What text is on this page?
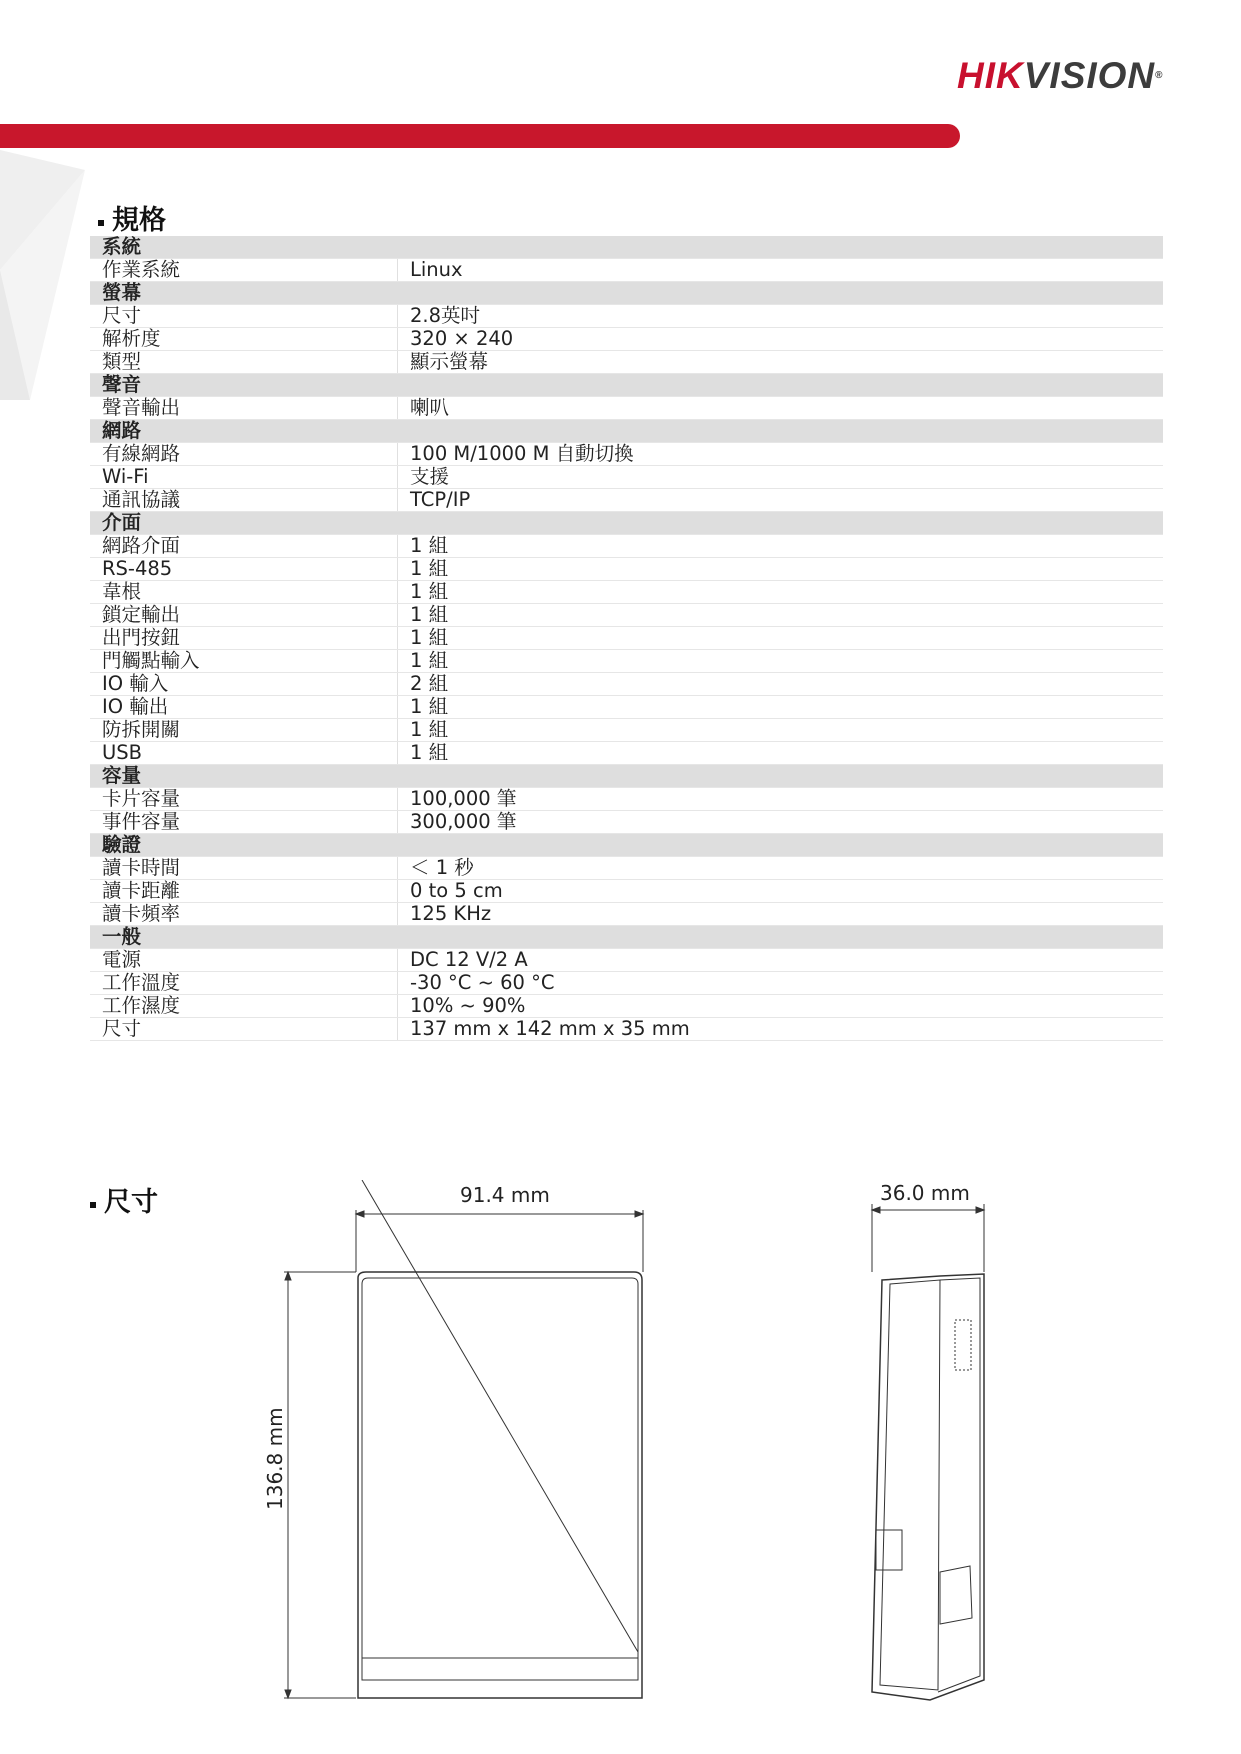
HIKVISION®
規格
系統	
作業系統	Linux
螢幕	
尺寸	2.8英吋
解析度	320 × 240
類型	顯示螢幕
聲音	
聲音輸出	喇叭
網路	
有線網路	100 M/1000 M 自動切換
Wi-Fi	支援
通訊協議	TCP/IP
介面	
網路介面	1 組
RS-485	1 組
韋根	1 組
鎖定輸出	1 組
出門按鈕	1 組
門觸點輸入	1 組
IO 輸入	2 組
IO 輸出	1 組
防拆開關	1 組
USB	1 組
容量	
卡片容量	100,000 筆
事件容量	300,000 筆
驗證	
讀卡時間	＜ 1 秒
讀卡距離	0 to 5 cm
讀卡頻率	125 KHz
一般	
電源	DC 12 V/2 A
工作溫度	-30 °C ~ 60 °C
工作濕度	10% ~ 90%
尺寸	137 mm x 142 mm x 35 mm
尺寸	91.4 mm	36.0 mm
136.8 mm
